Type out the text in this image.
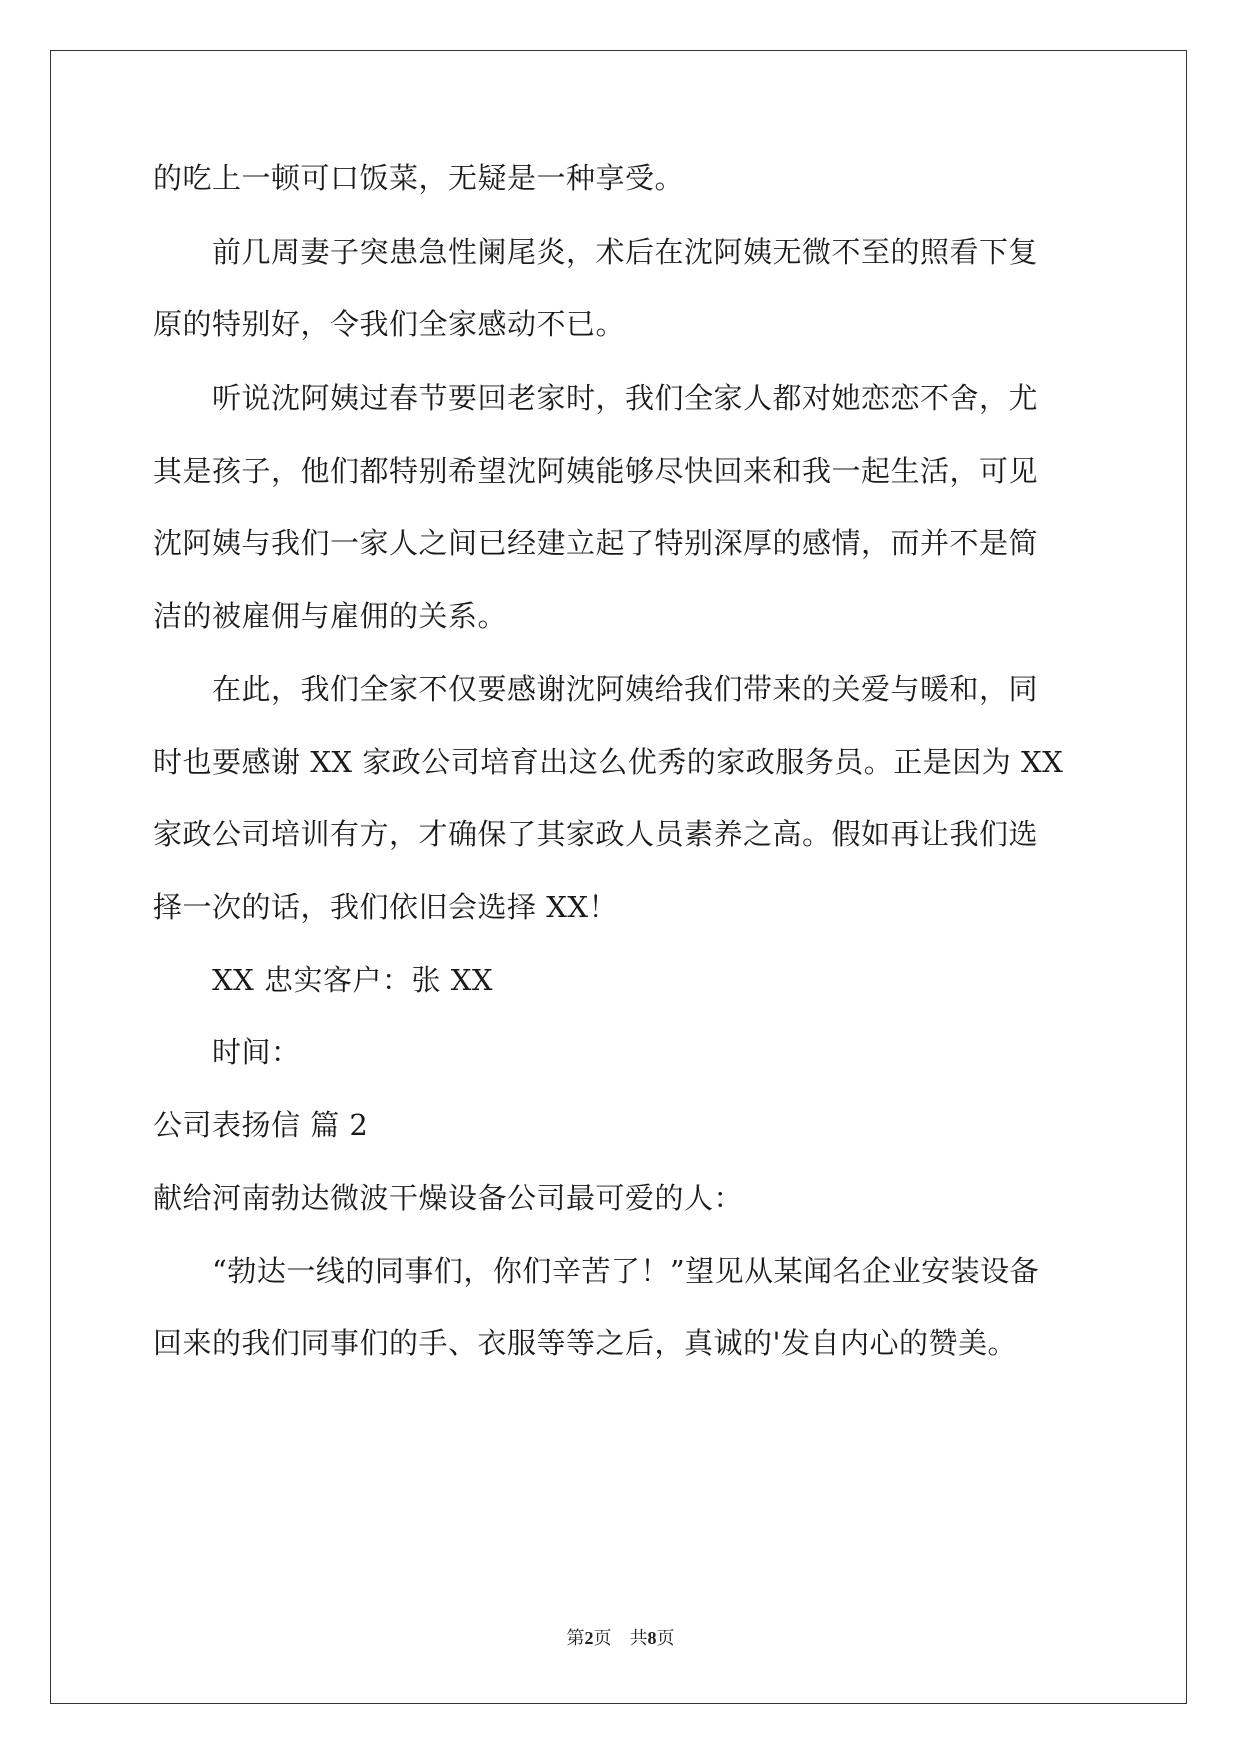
的吃上一顿可口饭菜，无疑是一种享受。
　　前几周妻子突患急性阑尾炎，术后在沈阿姨无微不至的照看下复
原的特别好，令我们全家感动不已。
　　听说沈阿姨过春节要回老家时，我们全家人都对她恋恋不舍，尤
其是孩子，他们都特别希望沈阿姨能够尽快回来和我一起生活，可见
沈阿姨与我们一家人之间已经建立起了特别深厚的感情，而并不是简
洁的被雇佣与雇佣的关系。
　　在此，我们全家不仅要感谢沈阿姨给我们带来的关爱与暖和，同
时也要感谢 XX 家政公司培育出这么优秀的家政服务员。正是因为 XX
家政公司培训有方，才确保了其家政人员素养之高。假如再让我们选
择一次的话，我们依旧会选择 XX！
　　XX 忠实客户：张 XX
　　时间：
公司表扬信 篇 2
献给河南勃达微波干燥设备公司最可爱的人：
　　“勃达一线的同事们，你们辛苦了！”望见从某闻名企业安装设备
回来的我们同事们的手、衣服等等之后，真诚的'发自内心的赞美。
第2页　共8页
